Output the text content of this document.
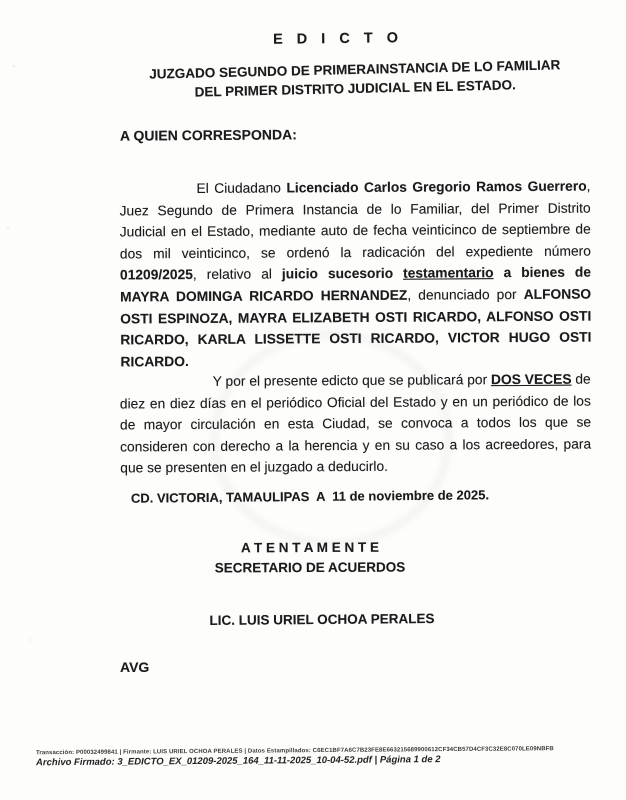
E D I C T O
JUZGADO SEGUNDO DE PRIMERAINSTANCIA DE LO FAMILIAR
DEL PRIMER DISTRITO JUDICIAL EN EL ESTADO.
A QUIEN CORRESPONDA:

El Ciudadano Licenciado Carlos Gregorio Ramos Guerrero, Juez Segundo de Primera Instancia de lo Familiar, del Primer Distrito Judicial en el Estado, mediante auto de fecha veinticinco de septiembre de dos mil veinticinco, se ordenó la radicación del expediente número 01209/2025, relativo al juicio sucesorio testamentario a bienes de MAYRA DOMINGA RICARDO HERNANDEZ, denunciado por ALFONSO OSTI ESPINOZA, MAYRA ELIZABETH OSTI RICARDO, ALFONSO OSTI RICARDO, KARLA LISSETTE OSTI RICARDO, VICTOR HUGO OSTI RICARDO.

Y por el presente edicto que se publicará por DOS VECES de diez en diez días en el periódico Oficial del Estado y en un periódico de los de mayor circulación en esta Ciudad, se convoca a todos los que se consideren con derecho a la herencia y en su caso a los acreedores, para que se presenten en el juzgado a deducirlo.

CD. VICTORIA, TAMAULIPAS  A  11 de noviembre de 2025.
A T E N T A M E N T E
SECRETARIO DE ACUERDOS
LIC. LUIS URIEL OCHOA PERALES
AVG
Transacción: P00032499841 | Firmante: LUIS URIEL OCHOA PERALES | Datos Estampillados: C6EC1BF7A6C7B23FE8E663215689900612CF34CB57D4CF3C32E8C070LE09NBFB
Archivo Firmado: 3_EDICTO_EX_01209-2025_164_11-11-2025_10-04-52.pdf | Página 1 de 2
